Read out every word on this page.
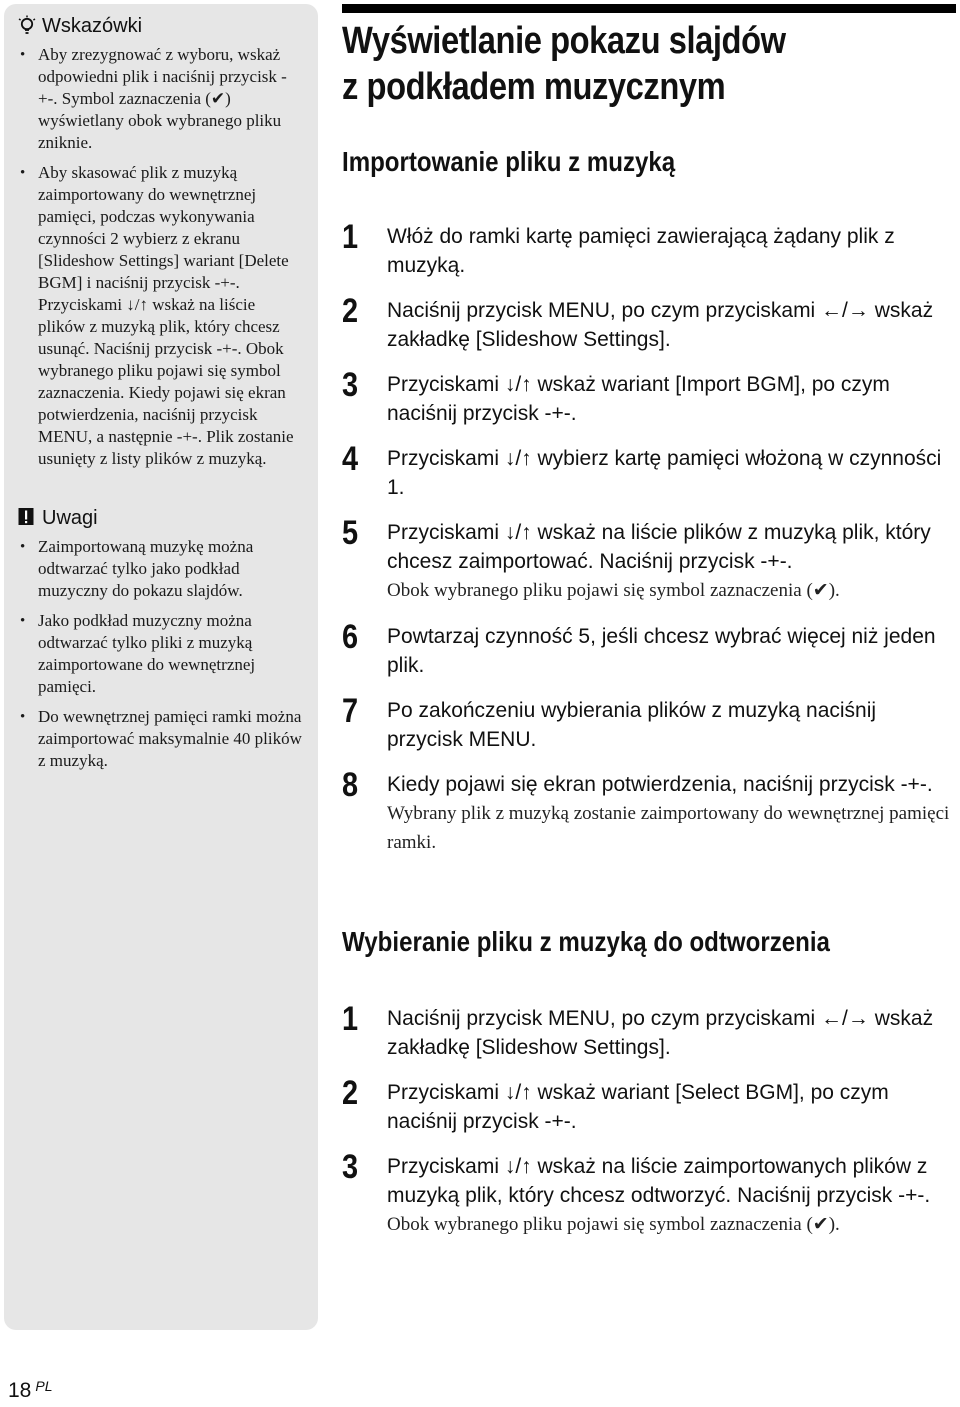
Wskazówki
• Aby zrezygnować z wyboru, wskaż odpowiedni plik i naciśnij przycisk -+-. Symbol zaznaczenia (✔) wyświetlany obok wybranego pliku zniknie.
• Aby skasować plik z muzyką zaimportowany do wewnętrznej pamięci, podczas wykonywania czynności 2 wybierz z ekranu [Slideshow Settings] wariant [Delete BGM] i naciśnij przycisk -+-. Przyciskami ↓/↑ wskaż na liście plików z muzyką plik, który chcesz usunąć. Naciśnij przycisk -+-. Obok wybranego pliku pojawi się symbol zaznaczenia. Kiedy pojawi się ekran potwierdzenia, naciśnij przycisk MENU, a następnie -+-. Plik zostanie usunięty z listy plików z muzyką.
Uwagi
• Zaimportowaną muzykę można odtwarzać tylko jako podkład muzyczny do pokazu slajdów.
• Jako podkład muzyczny można odtwarzać tylko pliki z muzyką zaimportowane do wewnętrznej pamięci.
• Do wewnętrznej pamięci ramki można zaimportować maksymalnie 40 plików z muzyką.
Wyświetlanie pokazu slajdów
z podkładem muzycznym
Importowanie pliku z muzyką
1 Włóż do ramki kartę pamięci zawierającą żądany plik z muzyką.
2 Naciśnij przycisk MENU, po czym przyciskami ←/→ wskaż zakładkę [Slideshow Settings].
3 Przyciskami ↓/↑ wskaż wariant [Import BGM], po czym naciśnij przycisk -+-.
4 Przyciskami ↓/↑ wybierz kartę pamięci włożoną w czynności 1.
5 Przyciskami ↓/↑ wskaż na liście plików z muzyką plik, który chcesz zaimportować. Naciśnij przycisk -+-.
Obok wybranego pliku pojawi się symbol zaznaczenia (✔).
6 Powtarzaj czynność 5, jeśli chcesz wybrać więcej niż jeden plik.
7 Po zakończeniu wybierania plików z muzyką naciśnij przycisk MENU.
8 Kiedy pojawi się ekran potwierdzenia, naciśnij przycisk -+-.
Wybrany plik z muzyką zostanie zaimportowany do wewnętrznej pamięci ramki.
Wybieranie pliku z muzyką do odtworzenia
1 Naciśnij przycisk MENU, po czym przyciskami ←/→ wskaż zakładkę [Slideshow Settings].
2 Przyciskami ↓/↑ wskaż wariant [Select BGM], po czym naciśnij przycisk -+-.
3 Przyciskami ↓/↑ wskaż na liście zaimportowanych plików z muzyką plik, który chcesz odtworzyć. Naciśnij przycisk -+-.
Obok wybranego pliku pojawi się symbol zaznaczenia (✔).
18 $^{PL}$
